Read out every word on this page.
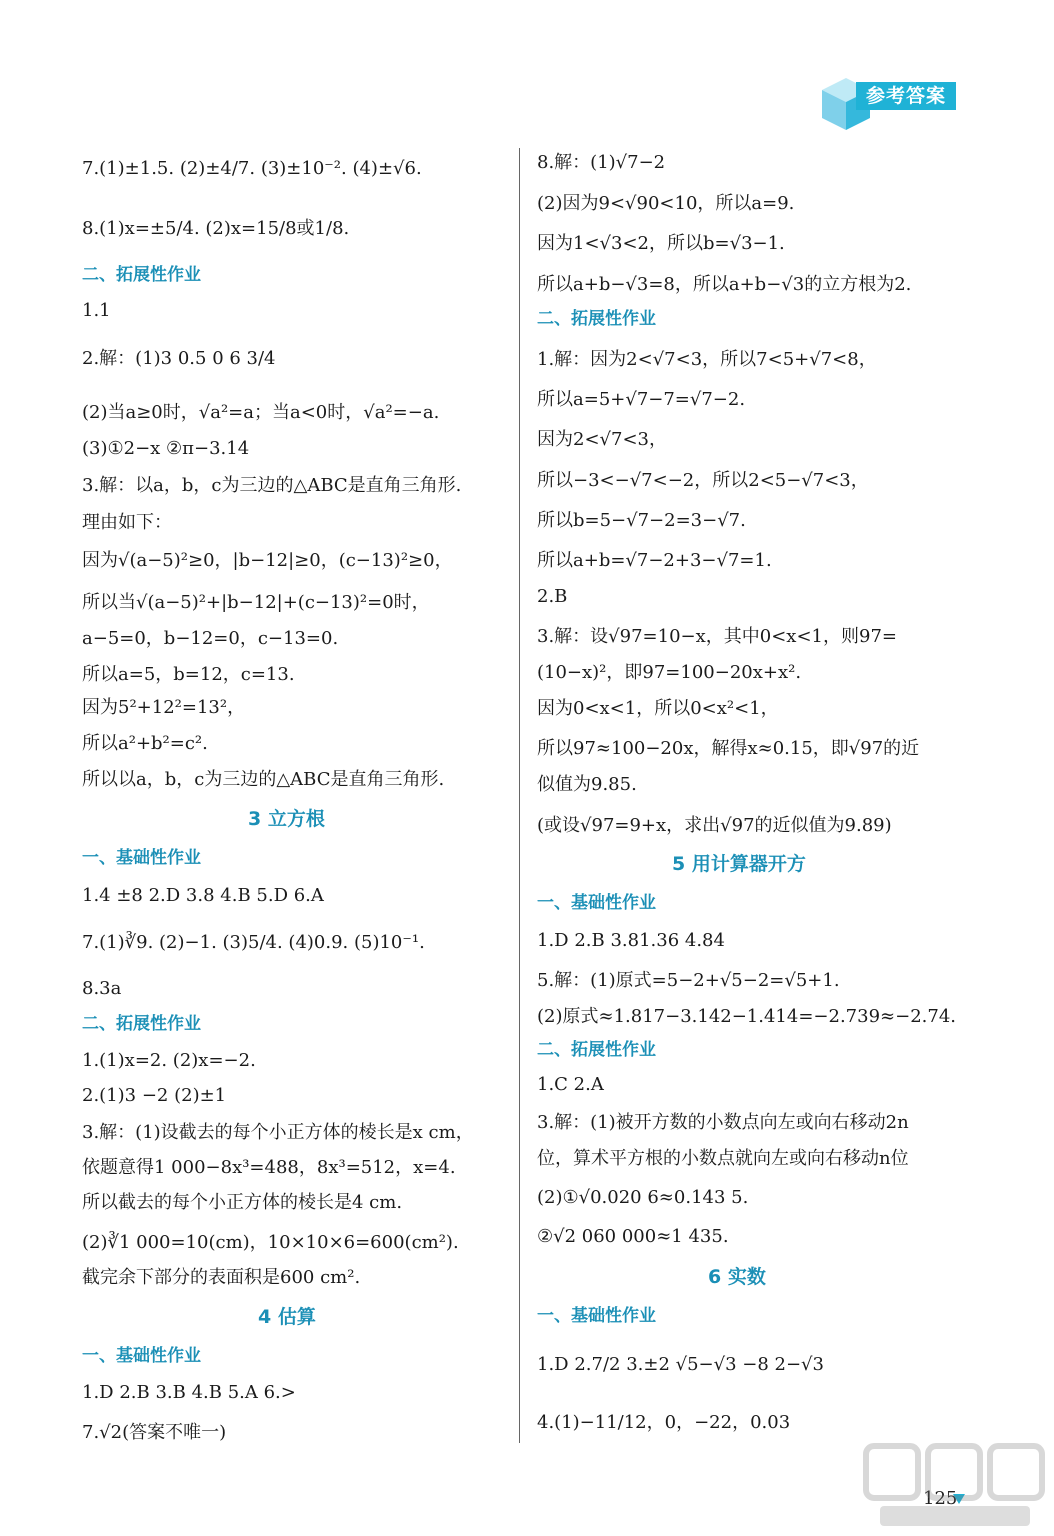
参考答案
7.(1)±1.5. (2)±4/7. (3)±10⁻². (4)±√6.
8.(1)x=±5/4. (2)x=15/8或1/8.
二、拓展性作业
1.1
2.解：(1)3 0.5 0 6 3/4
(2)当a≥0时，√a²=a；当a<0时，√a²=−a.
(3)①2−x ②π−3.14
3.解：以a，b，c为三边的△ABC是直角三角形.
理由如下：
因为√(a−5)²≥0，|b−12|≥0，(c−13)²≥0，
所以当√(a−5)²+|b−12|+(c−13)²=0时，
a−5=0，b−12=0，c−13=0.
所以a=5，b=12，c=13.
因为5²+12²=13²，
所以a²+b²=c².
所以以a，b，c为三边的△ABC是直角三角形.
3 立方根
一、基础性作业
1.4 ±8 2.D 3.8 4.B 5.D 6.A
7.(1)∛9. (2)−1. (3)5/4. (4)0.9. (5)10⁻¹.
8.3a
二、拓展性作业
1.(1)x=2. (2)x=−2.
2.(1)3 −2 (2)±1
3.解：(1)设截去的每个小正方体的棱长是x cm，
依题意得1 000−8x³=488，8x³=512，x=4.
所以截去的每个小正方体的棱长是4 cm.
(2)∛1 000=10(cm)，10×10×6=600(cm²).
截完余下部分的表面积是600 cm².
4 估算
一、基础性作业
1.D 2.B 3.B 4.B 5.A 6.>
7.√2(答案不唯一)
8.解：(1)√7−2
(2)因为9<√90<10，所以a=9.
因为1<√3<2，所以b=√3−1.
所以a+b−√3=8，所以a+b−√3的立方根为2.
二、拓展性作业
1.解：因为2<√7<3，所以7<5+√7<8，
所以a=5+√7−7=√7−2.
因为2<√7<3，
所以−3<−√7<−2，所以2<5−√7<3，
所以b=5−√7−2=3−√7.
所以a+b=√7−2+3−√7=1.
2.B
3.解：设√97=10−x，其中0<x<1，则97=
(10−x)²，即97=100−20x+x².
因为0<x<1，所以0<x²<1，
所以97≈100−20x，解得x≈0.15，即√97的近
似值为9.85.
(或设√97=9+x，求出√97的近似值为9.89)
5 用计算器开方
一、基础性作业
1.D 2.B 3.81.36 4.84
5.解：(1)原式=5−2+√5−2=√5+1.
(2)原式≈1.817−3.142−1.414=−2.739≈−2.74.
二、拓展性作业
1.C 2.A
3.解：(1)被开方数的小数点向左或向右移动2n
位，算术平方根的小数点就向左或向右移动n位
(2)①√0.020 6≈0.143 5.
②√2 060 000≈1 435.
6 实数
一、基础性作业
1.D 2.7/2 3.±2 √5−√3 −8 2−√3
4.(1)−11/12，0，−22，0.03
125
